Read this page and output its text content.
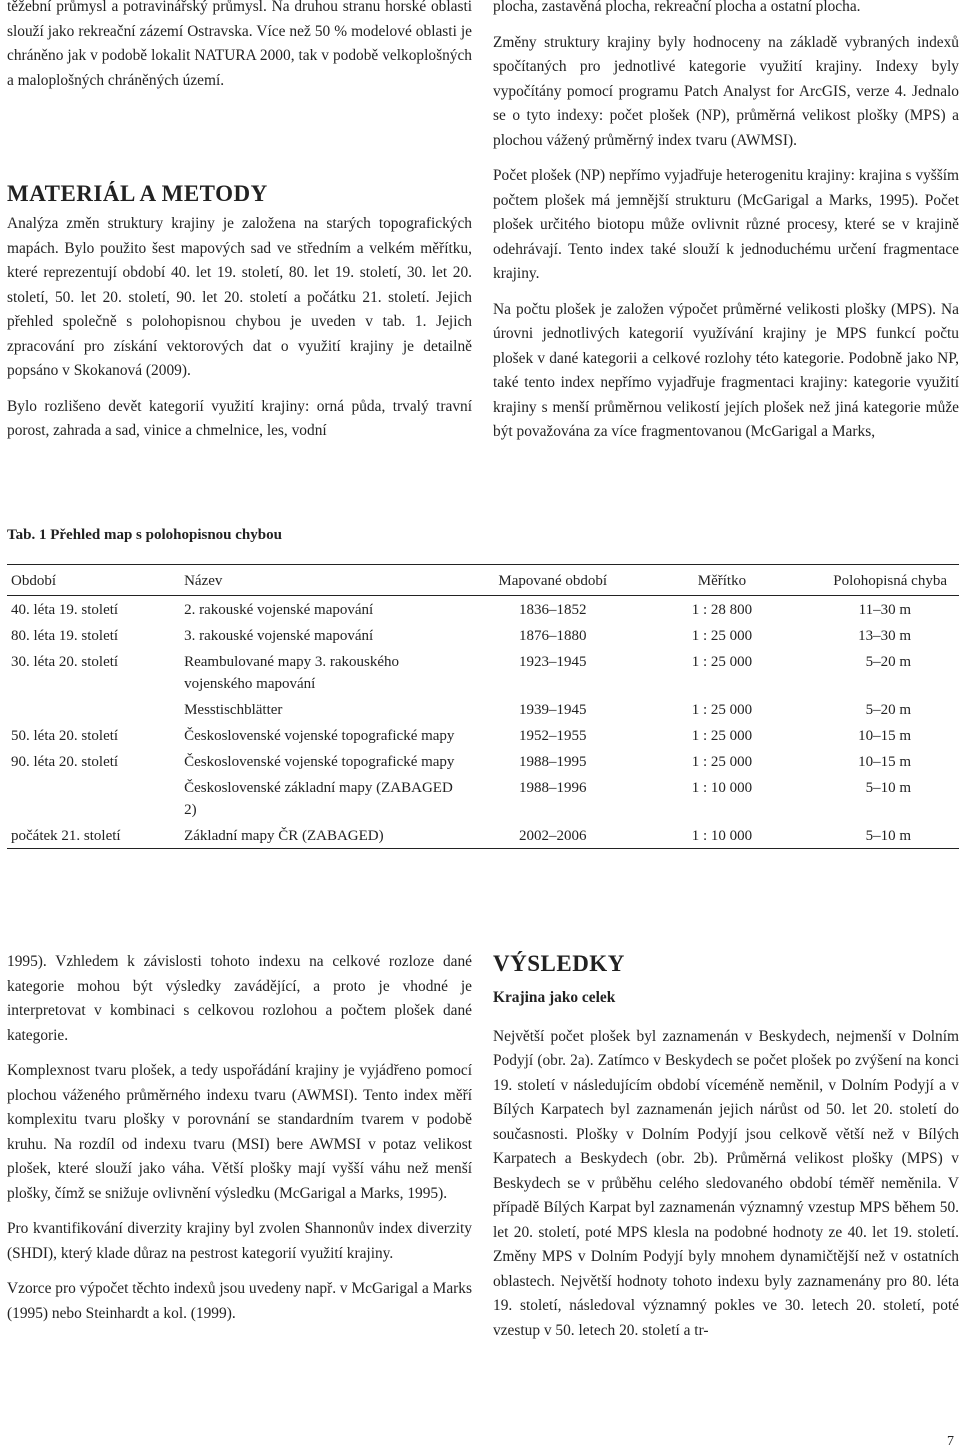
těžební průmysl a potravinářský průmysl. Na druhou stranu horské oblasti slouží jako rekreační zázemí Ostravska. Více než 50 % modelové oblasti je chráněno jak v podobě lokalit NATURA 2000, tak v podobě velkoplošných a maloplošných chráněných území.

MATERIÁL A METODY

Analýza změn struktury krajiny je založena na starých topografických mapách. Bylo použito šest mapových sad ve středním a velkém měřítku, které reprezentují období 40. let 19. století, 80. let 19. století, 30. let 20. století, 50. let 20. století, 90. let 20. století a počátku 21. století. Jejich přehled společně s polohopisnou chybou je uveden v tab. 1. Jejich zpracování pro získání vektorových dat o využití krajiny je detailně popsáno v Skokanová (2009).

Bylo rozlišeno devět kategorií využití krajiny: orná půda, trvalý travní porost, zahrada a sad, vinice a chmelnice, les, vodní

plocha, zastavěná plocha, rekreační plocha a ostatní plocha.

Změny struktury krajiny byly hodnoceny na základě vybraných indexů spočítaných pro jednotlivé kategorie využití krajiny. Indexy byly vypočítány pomocí programu Patch Analyst for ArcGIS, verze 4. Jednalo se o tyto indexy: počet plošek (NP), průměrná velikost plošky (MPS) a plochou vážený průměrný index tvaru (AWMSI).

Počet plošek (NP) nepřímo vyjadřuje heterogenitu krajiny: krajina s vyšším počtem plošek má jemnější strukturu (McGarigal a Marks, 1995). Počet plošek určitého biotopu může ovlivnit různé procesy, které se v krajině odehrávají. Tento index také slouží k jednoduchému určení fragmentace krajiny.

Na počtu plošek je založen výpočet průměrné velikosti plošky (MPS). Na úrovni jednotlivých kategorií využívání krajiny je MPS funkcí počtu plošek v dané kategorii a celkové rozlohy této kategorie. Podobně jako NP, také tento index nepřímo vyjadřuje fragmentaci krajiny: kategorie využití krajiny s menší průměrnou velikostí jejích plošek než jiná kategorie může být považována za více fragmentovanou (McGarigal a Marks,

Tab. 1 Přehled map s polohopisnou chybou
Období	Název	Mapované období	Měřítko	Polohopisná chyba
40. léta 19. století	2. rakouské vojenské mapování	1836–1852	1 : 28 800	11–30 m
80. léta 19. století	3. rakouské vojenské mapování	1876–1880	1 : 25 000	13–30 m
30. léta 20. století	Reambulované mapy 3. rakouského vojenského mapování	1923–1945	1 : 25 000	5–20 m
	Messtischblätter	1939–1945	1 : 25 000	5–20 m
50. léta 20. století	Československé vojenské topografické mapy	1952–1955	1 : 25 000	10–15 m
90. léta 20. století	Československé vojenské topografické mapy	1988–1995	1 : 25 000	10–15 m
	Československé základní mapy (ZABAGED 2)	1988–1996	1 : 10 000	5–10 m
počátek 21. století	Základní mapy ČR (ZABAGED)	2002–2006	1 : 10 000	5–10 m

1995). Vzhledem k závislosti tohoto indexu na celkové rozloze dané kategorie mohou být výsledky zavádějící, a proto je vhodné je interpretovat v kombinaci s celkovou rozlohou a počtem plošek dané kategorie.

Komplexnost tvaru plošek, a tedy uspořádání krajiny je vyjádřeno pomocí plochou váženého průměrného indexu tvaru (AWMSI). Tento index měří komplexitu tvaru plošky v porovnání se standardním tvarem v podobě kruhu. Na rozdíl od indexu tvaru (MSI) bere AWMSI v potaz velikost plošek, které slouží jako váha. Větší plošky mají vyšší váhu než menší plošky, čímž se snižuje ovlivnění výsledku (McGarigal a Marks, 1995).

Pro kvantifikování diverzity krajiny byl zvolen Shannonův index diverzity (SHDI), který klade důraz na pestrost kategorií využití krajiny.

Vzorce pro výpočet těchto indexů jsou uvedeny např. v McGarigal a Marks (1995) nebo Steinhardt a kol. (1999).

VÝSLEDKY
Krajina jako celek

Největší počet plošek byl zaznamenán v Beskydech, nejmenší v Dolním Podyjí (obr. 2a). Zatímco v Beskydech se počet plošek po zvýšení na konci 19. století v následujícím období víceméně neměnil, v Dolním Podyjí a v Bílých Karpatech byl zaznamenán jejich nárůst od 50. let 20. století do současnosti. Plošky v Dolním Podyjí jsou celkově větší než v Bílých Karpatech a Beskydech (obr. 2b). Průměrná velikost plošky (MPS) v Beskydech se v průběhu celého sledovaného období téměř neměnila. V případě Bílých Karpat byl zaznamenán významný vzestup MPS během 50. let 20. století, poté MPS klesla na podobné hodnoty ze 40. let 19. století. Změny MPS v Dolním Podyjí byly mnohem dynamičtější než v ostatních oblastech. Největší hodnoty tohoto indexu byly zaznamenány pro 80. léta 19. století, následoval významný pokles ve 30. letech 20. století, poté vzestup v 50. letech 20. století a tr-

7
